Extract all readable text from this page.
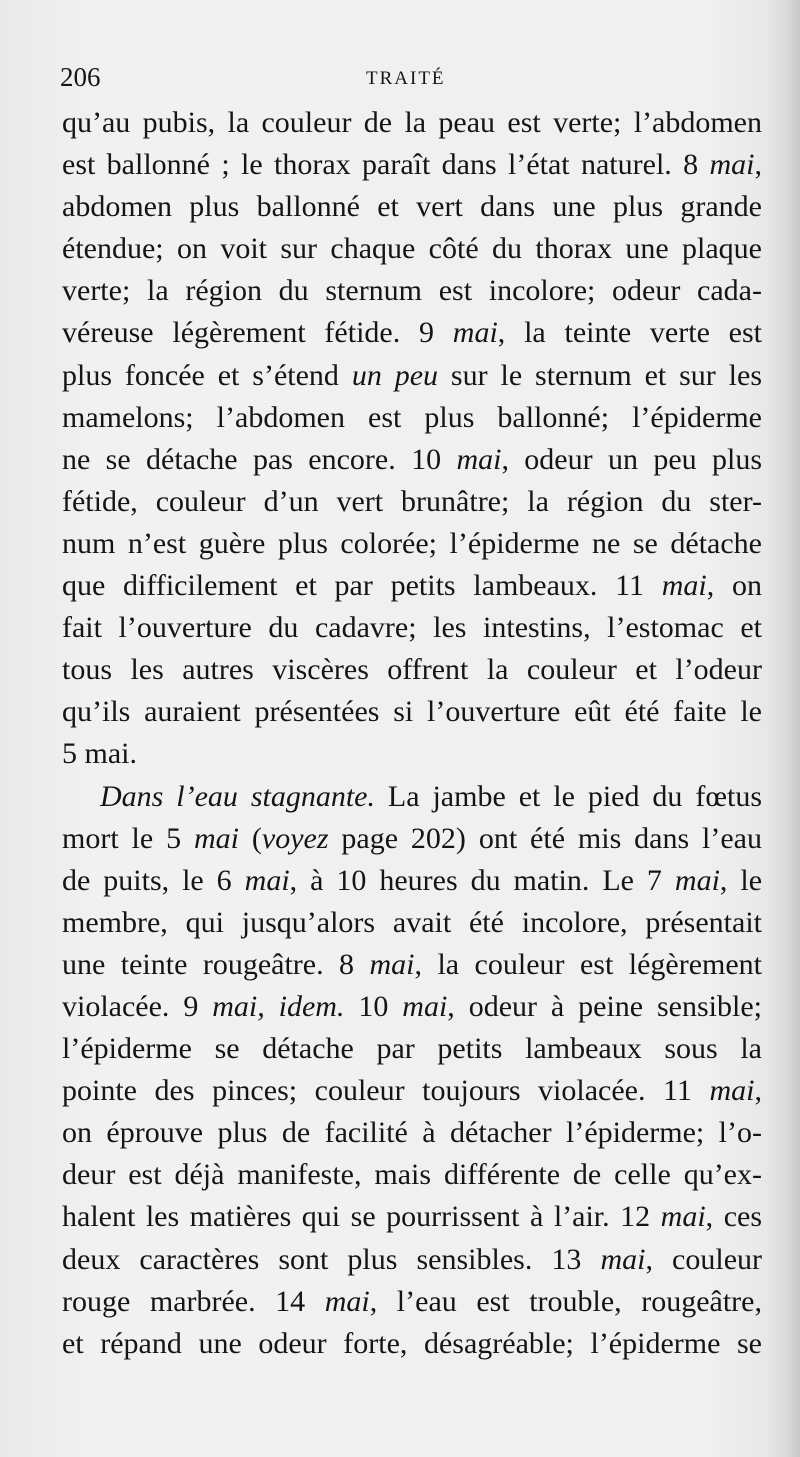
206	TRAITÉ
qu’au pubis, la couleur de la peau est verte; l’abdomen
est ballonné ; le thorax paraît dans l’état naturel. 8 mai,
abdomen plus ballonné et vert dans une plus grande
étendue; on voit sur chaque côté du thorax une plaque
verte; la région du sternum est incolore; odeur cada-
véreuse légèrement fétide. 9 mai, la teinte verte est
plus foncée et s’étend un peu sur le sternum et sur les
mamelons; l’abdomen est plus ballonné; l’épiderme
ne se détache pas encore. 10 mai, odeur un peu plus
fétide, couleur d’un vert brunâtre; la région du ster-
num n’est guère plus colorée; l’épiderme ne se détache
que difficilement et par petits lambeaux. 11 mai, on
fait l’ouverture du cadavre; les intestins, l’estomac et
tous les autres viscères offrent la couleur et l’odeur
qu’ils auraient présentées si l’ouverture eût été faite le
5 mai.
Dans l’eau stagnante. La jambe et le pied du fœtus
mort le 5 mai (voyez page 202) ont été mis dans l’eau
de puits, le 6 mai, à 10 heures du matin. Le 7 mai, le
membre, qui jusqu’alors avait été incolore, présentait
une teinte rougeâtre. 8 mai, la couleur est légèrement
violacée. 9 mai, idem. 10 mai, odeur à peine sensible;
l’épiderme se détache par petits lambeaux sous la
pointe des pinces; couleur toujours violacée. 11 mai,
on éprouve plus de facilité à détacher l’épiderme; l’o-
deur est déjà manifeste, mais différente de celle qu’ex-
halent les matières qui se pourrissent à l’air. 12 mai, ces
deux caractères sont plus sensibles. 13 mai, couleur
rouge marbrée. 14 mai, l’eau est trouble, rougeâtre,
et répand une odeur forte, désagréable; l’épiderme se
